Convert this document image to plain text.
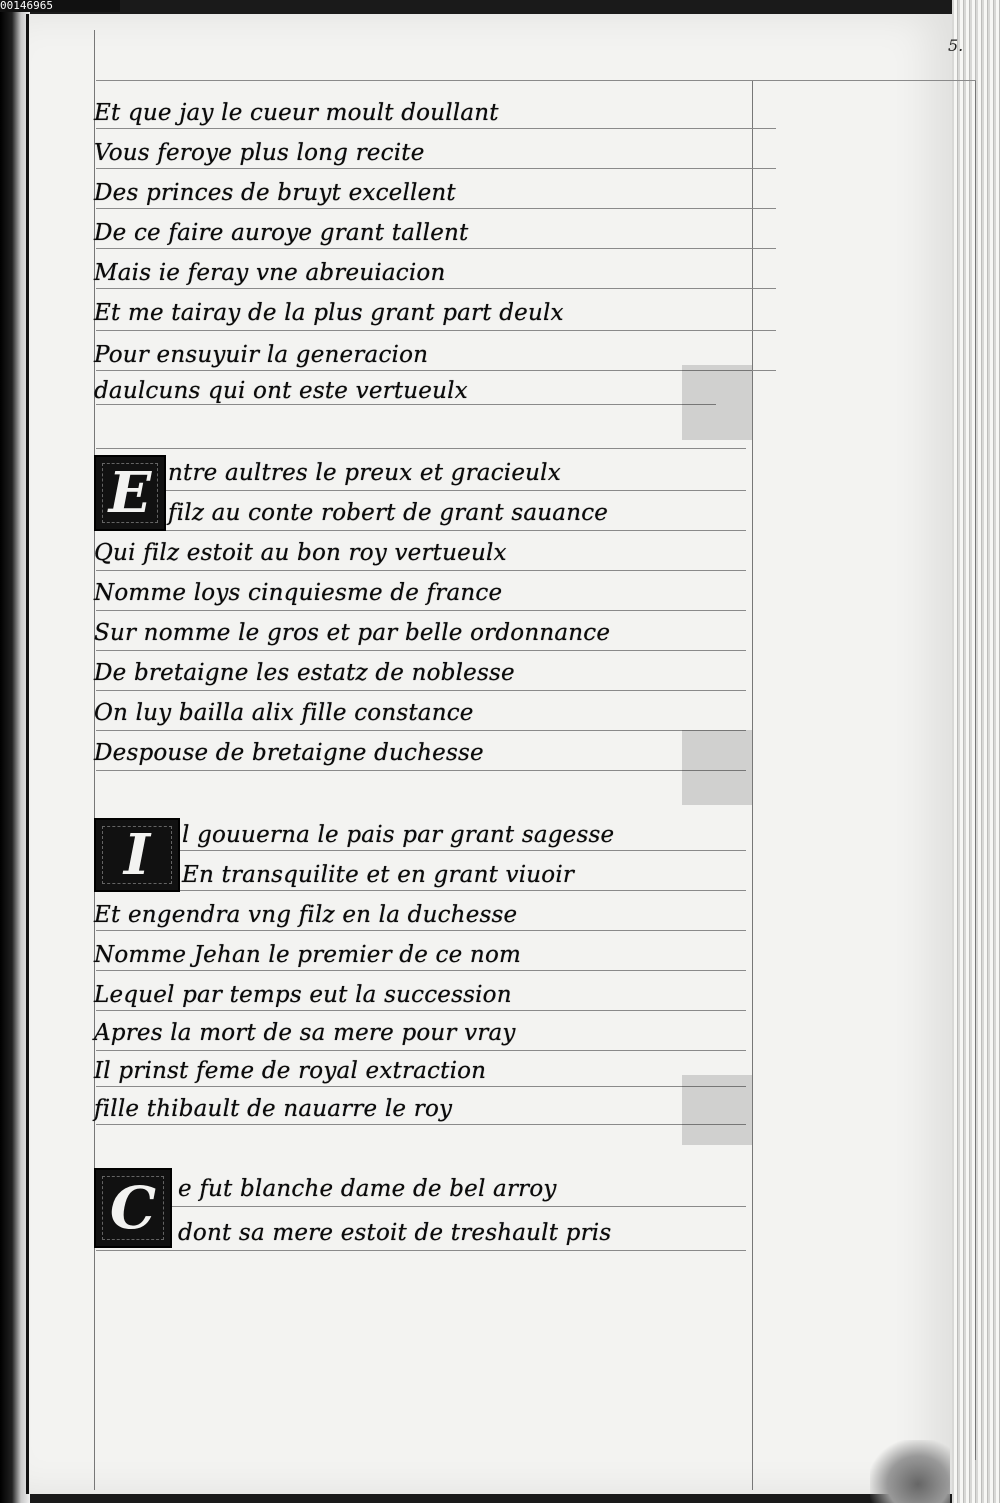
00146965
5.
Et que jay le cueur moult doullant
Vous feroye plus long recite
Des princes de bruyt excellent
De ce faire auroye grant tallent
Mais ie feray vne abreuiacion
Et me tairay de la plus grant part deulx
Pour ensuyuir la generacion
daulcuns qui ont este vertueulx
E ntre aultres le preux et gracieulx
filz au conte robert de grant sauance
Qui filz estoit au bon roy vertueulx
Nomme loys cinquiesme de france
Sur nomme le gros et par belle ordonnance
De bretaigne les estatz de noblesse
On luy bailla alix fille constance
Despouse de bretaigne duchesse
I l gouuerna le pais par grant sagesse
En transquilite et en grant viuoir
Et engendra vng filz en la duchesse
Nomme Jehan le premier de ce nom
Lequel par temps eut la succession
Apres la mort de sa mere pour vray
Il prinst feme de royal extraction
fille thibault de nauarre le roy
C e fut blanche dame de bel arroy
dont sa mere estoit de treshault pris
